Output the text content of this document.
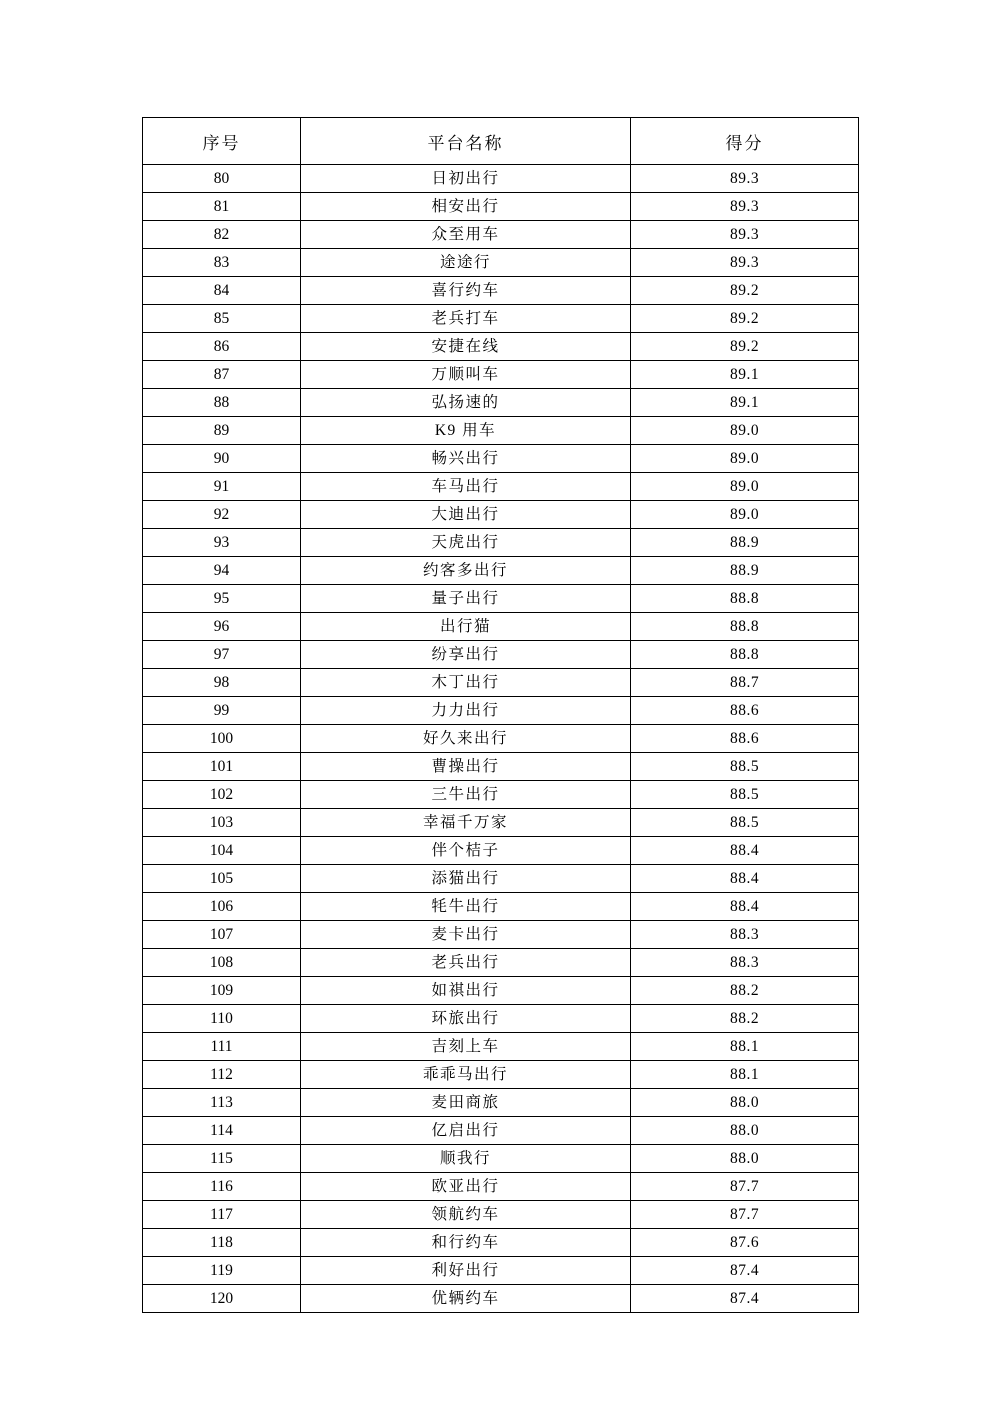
序号	平台名称	得分
80	日初出行	89.3
81	相安出行	89.3
82	众至用车	89.3
83	途途行	89.3
84	喜行约车	89.2
85	老兵打车	89.2
86	安捷在线	89.2
87	万顺叫车	89.1
88	弘扬速的	89.1
89	K9 用车	89.0
90	畅兴出行	89.0
91	车马出行	89.0
92	大迪出行	89.0
93	天虎出行	88.9
94	约客多出行	88.9
95	量子出行	88.8
96	出行猫	88.8
97	纷享出行	88.8
98	木丁出行	88.7
99	力力出行	88.6
100	好久来出行	88.6
101	曹操出行	88.5
102	三牛出行	88.5
103	幸福千万家	88.5
104	伴个桔子	88.4
105	添猫出行	88.4
106	牦牛出行	88.4
107	麦卡出行	88.3
108	老兵出行	88.3
109	如祺出行	88.2
110	环旅出行	88.2
111	吉刻上车	88.1
112	乖乖马出行	88.1
113	麦田商旅	88.0
114	亿启出行	88.0
115	顺我行	88.0
116	欧亚出行	87.7
117	领航约车	87.7
118	和行约车	87.6
119	利好出行	87.4
120	优辆约车	87.4
